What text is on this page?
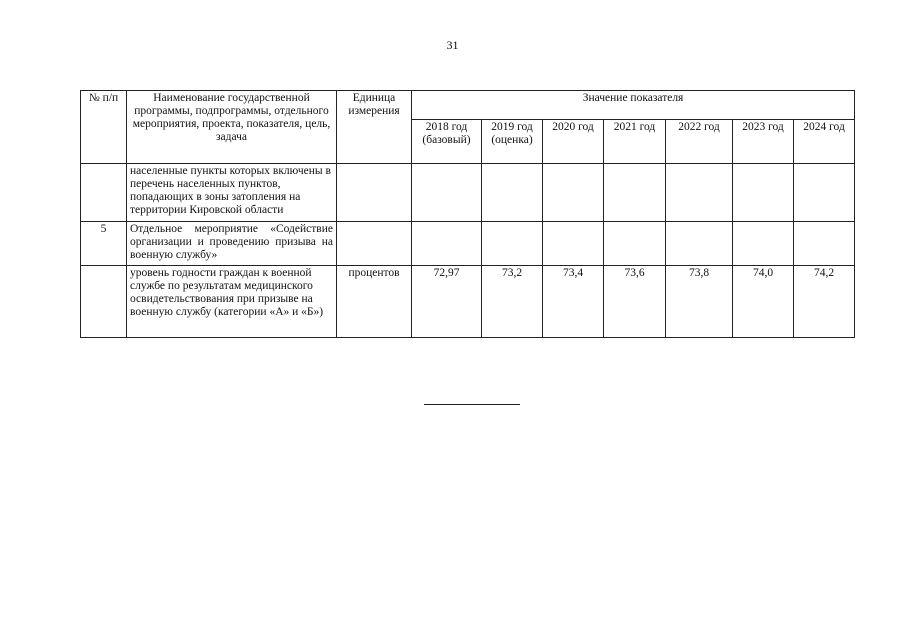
31
№ п/п	Наименование государственной программы, подпрограммы, отдельного мероприятия, проекта, показателя, цель, задача	Единица измерения	Значение показателя						
			2018 год (базовый)	2019 год (оценка)	2020 год	2021 год	2022 год	2023 год	2024 год
	населенные пункты которых включены в перечень населенных пунктов, попадающих в зоны затопления на территории Кировской области								
5	Отдельное мероприятие «Содействие организации и проведению призыва на военную службу»								
	уровень годности граждан к военной службе по результатам медицинского освидетельствования при призыве на военную службу (категории «А» и «Б»)	процентов	72,97	73,2	73,4	73,6	73,8	74,0	74,2
